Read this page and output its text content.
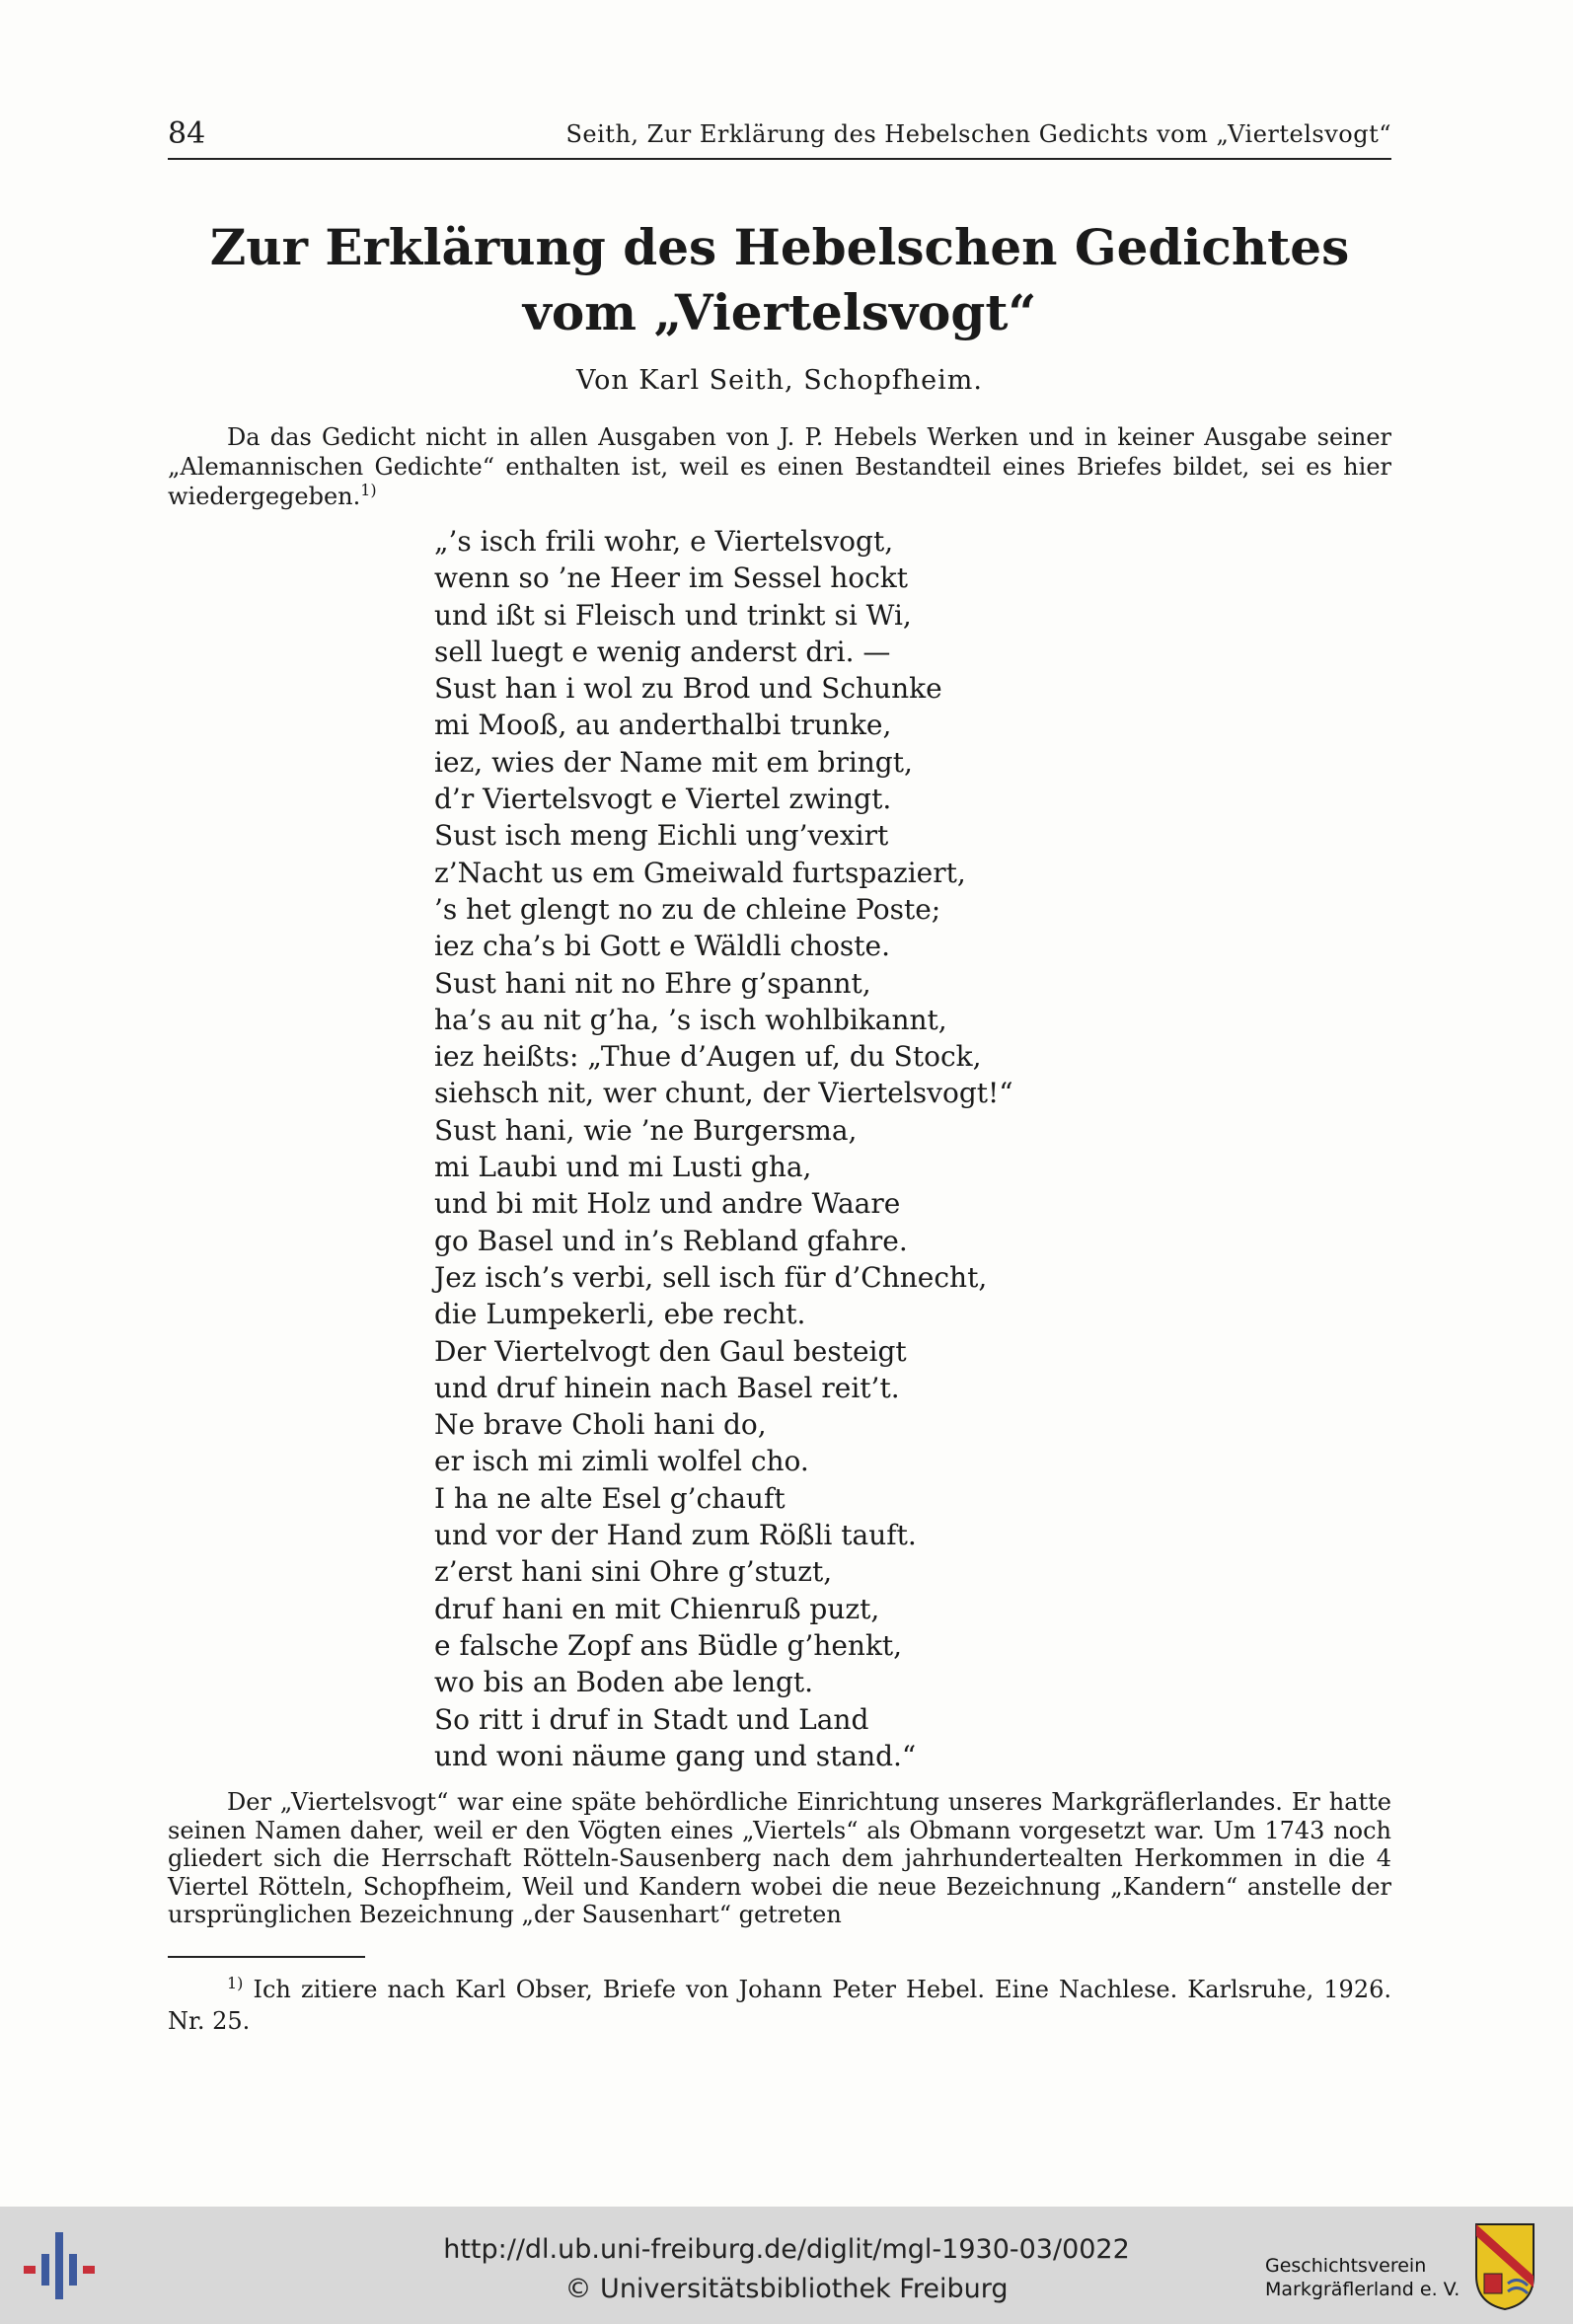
84	Seith, Zur Erklärung des Hebelschen Gedichts vom „Viertelsvogt“
Zur Erklärung des Hebelschen Gedichtes vom „Viertelsvogt“
Von Karl Seith, Schopfheim.
Da das Gedicht nicht in allen Ausgaben von J. P. Hebels Werken und in keiner Ausgabe seiner „Alemannischen Gedichte“ enthalten ist, weil es einen Bestandteil eines Briefes bildet, sei es hier wiedergegeben.$^{1)}$
„’s isch frili wohr, e Viertelsvogt,
wenn so ’ne Heer im Sessel hockt
und ißt si Fleisch und trinkt si Wi,
sell luegt e wenig anderst dri. —
Sust han i wol zu Brod und Schunke
mi Mooß, au anderthalbi trunke,
iez, wies der Name mit em bringt,
d’r Viertelsvogt e Viertel zwingt.
Sust isch meng Eichli ung’vexirt
z’Nacht us em Gmeiwald furtspaziert,
’s het glengt no zu de chleine Poste;
iez cha’s bi Gott e Wäldli choste.
Sust hani nit no Ehre g’spannt,
ha’s au nit g’ha, ’s isch wohlbikannt,
iez heißts: „Thue d’Augen uf, du Stock,
siehsch nit, wer chunt, der Viertelsvogt!“
Sust hani, wie ’ne Burgersma,
mi Laubi und mi Lusti gha,
und bi mit Holz und andre Waare
go Basel und in’s Rebland gfahre.
Jez isch’s verbi, sell isch für d’Chnecht,
die Lumpekerli, ebe recht.
Der Viertelvogt den Gaul besteigt
und druf hinein nach Basel reit’t.
Ne brave Choli hani do,
er isch mi zimli wolfel cho.
I ha ne alte Esel g’chauft
und vor der Hand zum Rößli tauft.
z’erst hani sini Ohre g’stuzt,
druf hani en mit Chienruß puzt,
e falsche Zopf ans Büdle g’henkt,
wo bis an Boden abe lengt.
So ritt i druf in Stadt und Land
und woni näume gang und stand.“
Der „Viertelsvogt“ war eine späte behördliche Einrichtung unseres Markgräflerlandes. Er hatte seinen Namen daher, weil er den Vögten eines „Viertels“ als Obmann vorgesetzt war. Um 1743 noch gliedert sich die Herrschaft Rötteln-Sausenberg nach dem jahrhundertealten Herkommen in die 4 Viertel Rötteln, Schopfheim, Weil und Kandern wobei die neue Bezeichnung „Kandern“ anstelle der ursprünglichen Bezeichnung „der Sausenhart“ getreten
$^{1)}$ Ich zitiere nach Karl Obser, Briefe von Johann Peter Hebel. Eine Nachlese. Karlsruhe, 1926. Nr. 25.
http://dl.ub.uni-freiburg.de/diglit/mgl-1930-03/0022
© Universitätsbibliothek Freiburg
Geschichtsverein
Markgräflerland e. V.
